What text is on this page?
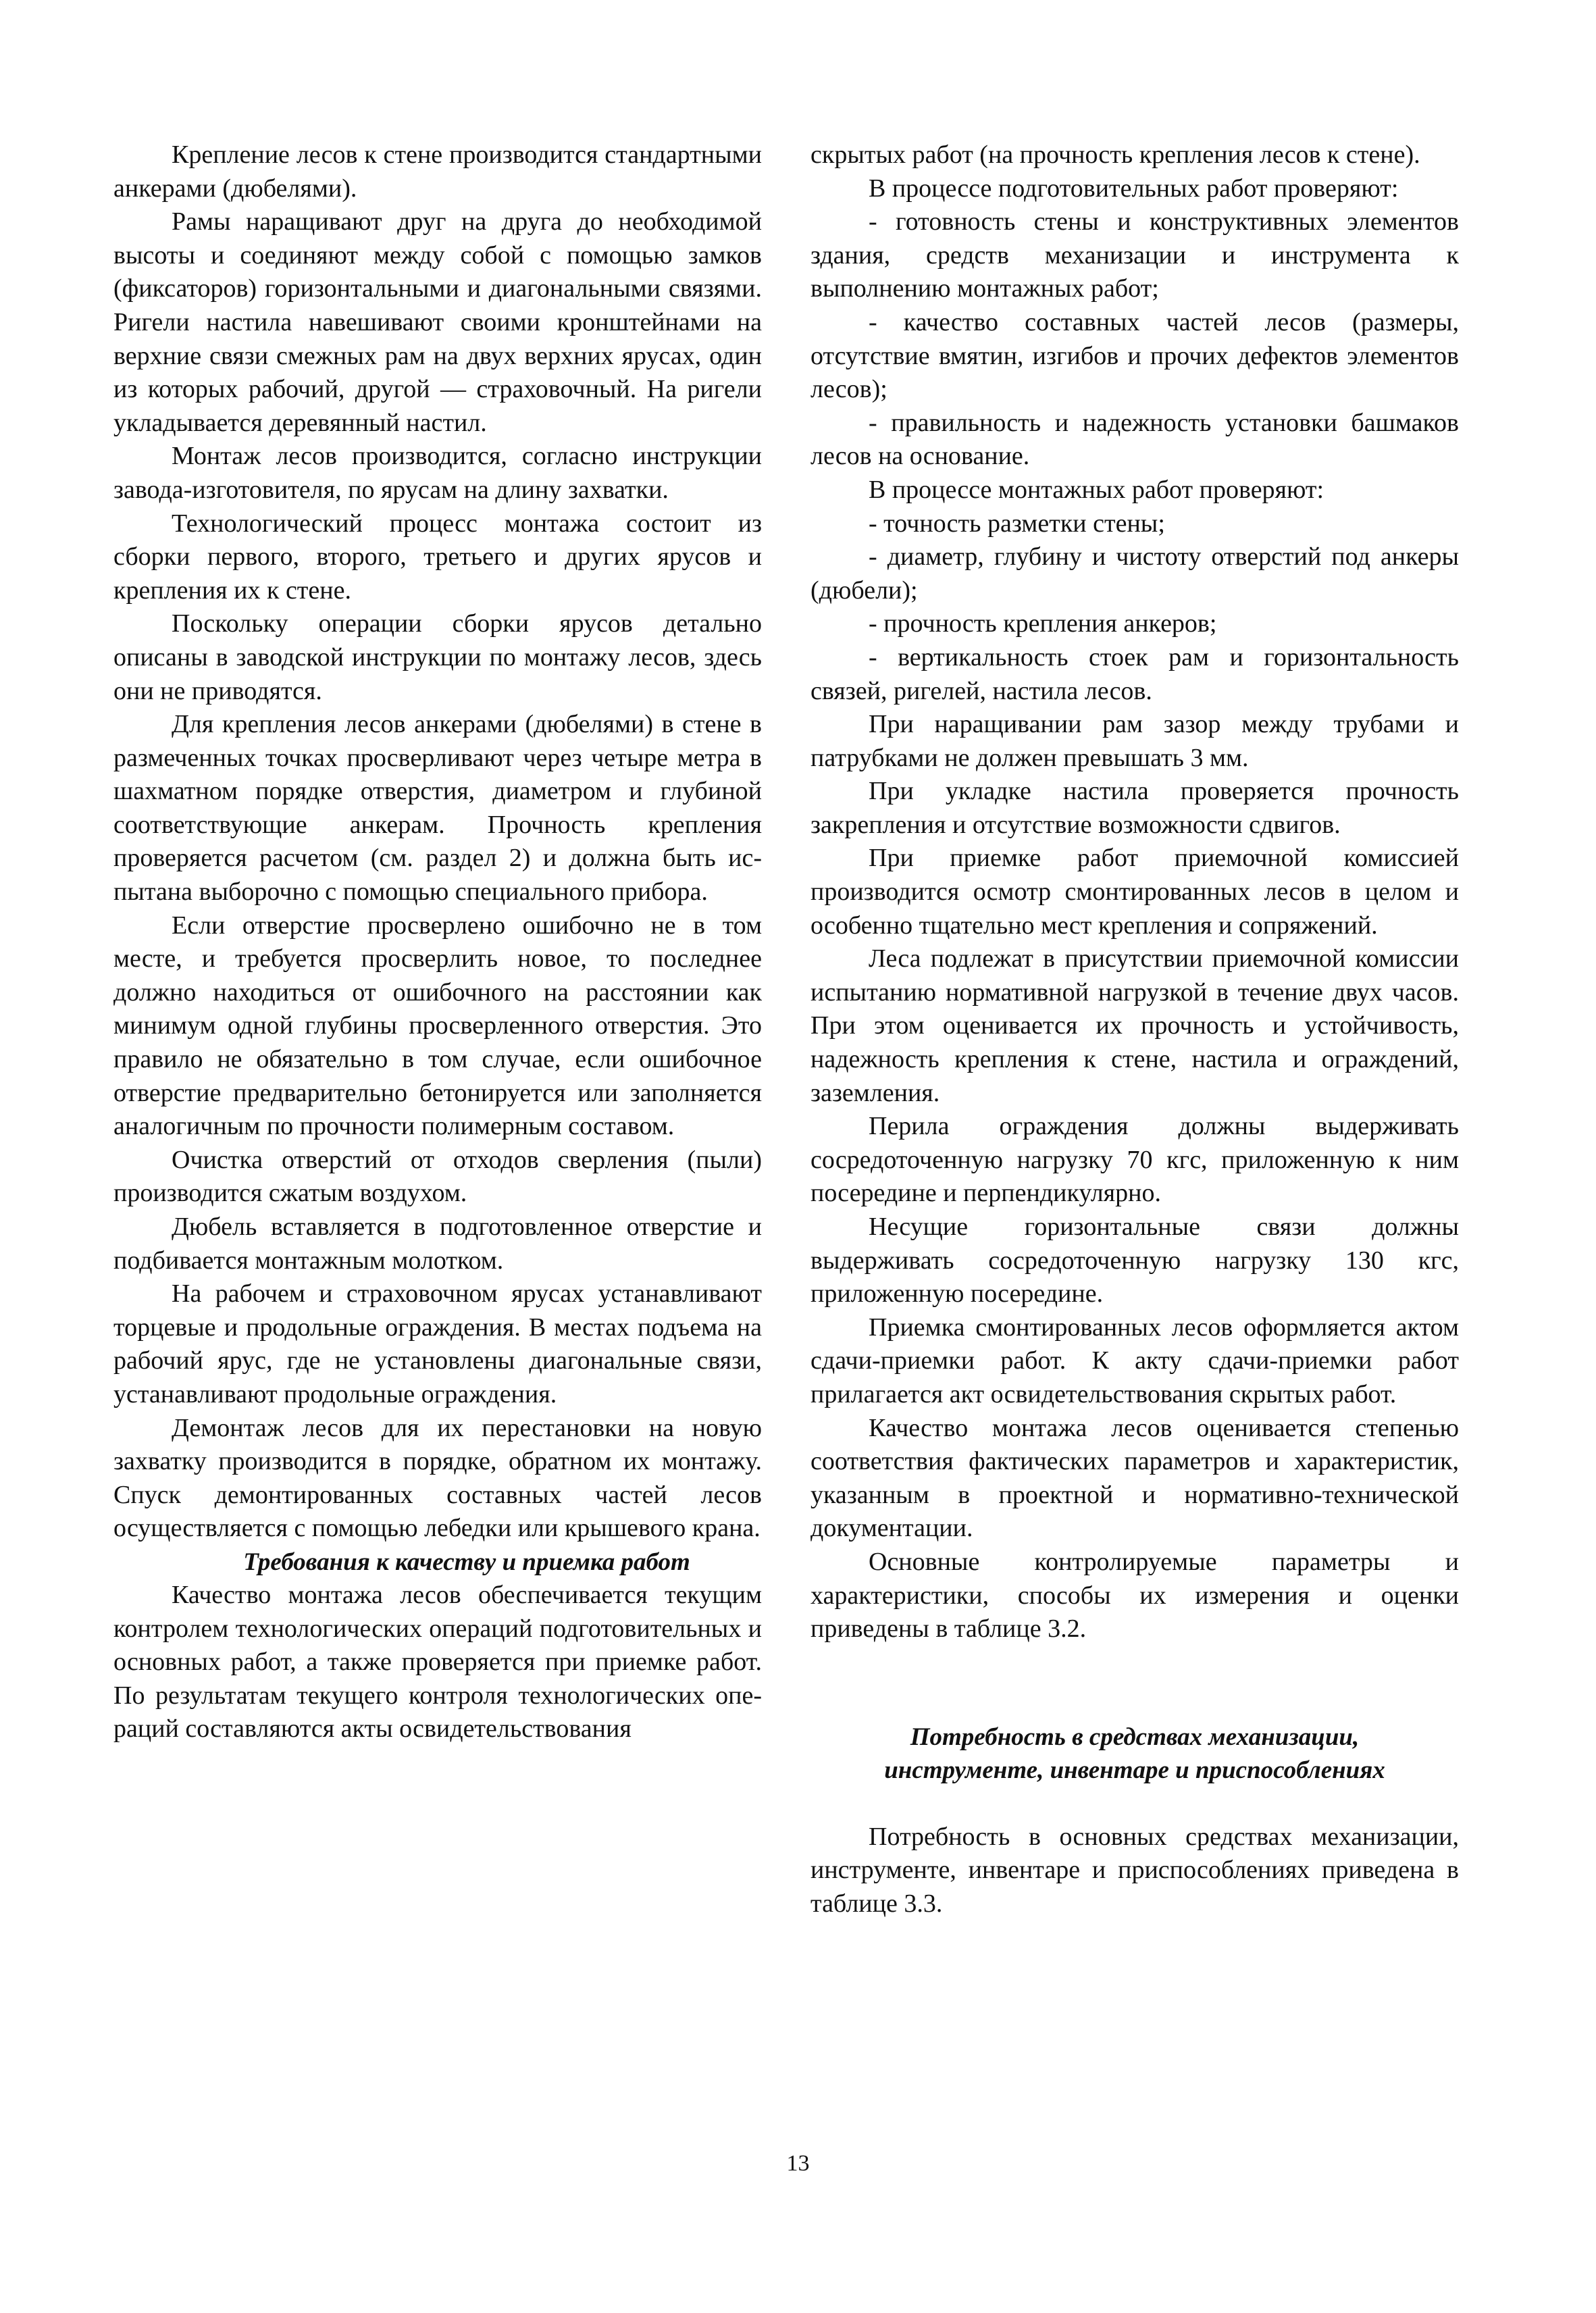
Крепление лесов к стене производится стандартными анкерами (дюбелями).

Рамы наращивают друг на друга до необходимой высоты и соединяют между собой с помощью замков (фиксаторов) горизонтальными и диагональными связями. Ригели настила навешивают своими кронштейнами на верхние связи смежных рам на двух верхних ярусах, один из которых рабочий, другой — страховочный. На ригели укладывается деревянный настил.

Монтаж лесов производится, согласно инструкции завода-изготовителя, по ярусам на длину захватки.

Технологический процесс монтажа состоит из сборки первого, второго, третьего и других ярусов и крепления их к стене.

Поскольку операции сборки ярусов детально описаны в заводской инструкции по монтажу лесов, здесь они не приводятся.

Для крепления лесов анкерами (дюбелями) в стене в размеченных точках просверливают через четыре метра в шахматном порядке отверстия, диаметром и глубиной соответствующие анкерам. Прочность крепления проверяется расчетом (см. раздел 2) и должна быть испытана выборочно с помощью специального прибора.

Если отверстие просверлено ошибочно не в том месте, и требуется просверлить новое, то последнее должно находиться от ошибочного на расстоянии как минимум одной глубины просверленного отверстия. Это правило не обязательно в том случае, если ошибочное отверстие предварительно бетонируется или заполняется аналогичным по прочности полимерным составом.

Очистка отверстий от отходов сверления (пыли) производится сжатым воздухом.

Дюбель вставляется в подготовленное отверстие и подбивается монтажным молотком.

На рабочем и страховочном ярусах устанавливают торцевые и продольные ограждения. В местах подъема на рабочий ярус, где не установлены диагональные связи, устанавливают продольные ограждения.

Демонтаж лесов для их перестановки на новую захватку производится в порядке, обратном их монтажу. Спуск демонтированных составных частей лесов осуществляется с помощью лебедки или крышевого крана.

Требования к качеству и приемка работ

Качество монтажа лесов обеспечивается текущим контролем технологических операций подготовительных и основных работ, а также проверяется при приемке работ. По результатам текущего контроля технологических операций составляются акты освидетельствования

скрытых работ (на прочность крепления лесов к стене).

В процессе подготовительных работ проверяют:

- готовность стены и конструктивных элементов здания, средств механизации и инструмента к выполнению монтажных работ;

- качество составных частей лесов (размеры, отсутствие вмятин, изгибов и прочих дефектов элементов лесов);

- правильность и надежность установки башмаков лесов на основание.

В процессе монтажных работ проверяют:

- точность разметки стены;

- диаметр, глубину и чистоту отверстий под анкеры (дюбели);

- прочность крепления анкеров;

- вертикальность стоек рам и горизонтальность связей, ригелей, настила лесов.

При наращивании рам зазор между трубами и патрубками не должен превышать 3 мм.

При укладке настила проверяется прочность закрепления и отсутствие возможности сдвигов.

При приемке работ приемочной комиссией производится осмотр смонтированных лесов в целом и особенно тщательно мест крепления и сопряжений.

Леса подлежат в присутствии приемочной комиссии испытанию нормативной нагрузкой в течение двух часов. При этом оценивается их прочность и устойчивость, надежность крепления к стене, настила и ограждений, заземления.

Перила ограждения должны выдерживать сосредоточенную нагрузку 70 кгс, приложенную к ним посередине и перпендикулярно.

Несущие горизонтальные связи должны выдерживать сосредоточенную нагрузку 130 кгс, приложенную посередине.

Приемка смонтированных лесов оформляется актом сдачи-приемки работ. К акту сдачи-приемки работ прилагается акт освидетельствования скрытых работ.

Качество монтажа лесов оценивается степенью соответствия фактических параметров и характеристик, указанным в проектной и нормативно-технической документации.

Основные контролируемые параметры и характеристики, способы их измерения и оценки приведены в таблице 3.2.

Потребность в средствах механизации,
инструменте, инвентаре и приспособлениях

Потребность в основных средствах механизации, инструменте, инвентаре и приспособлениях приведена в таблице 3.3.

13
